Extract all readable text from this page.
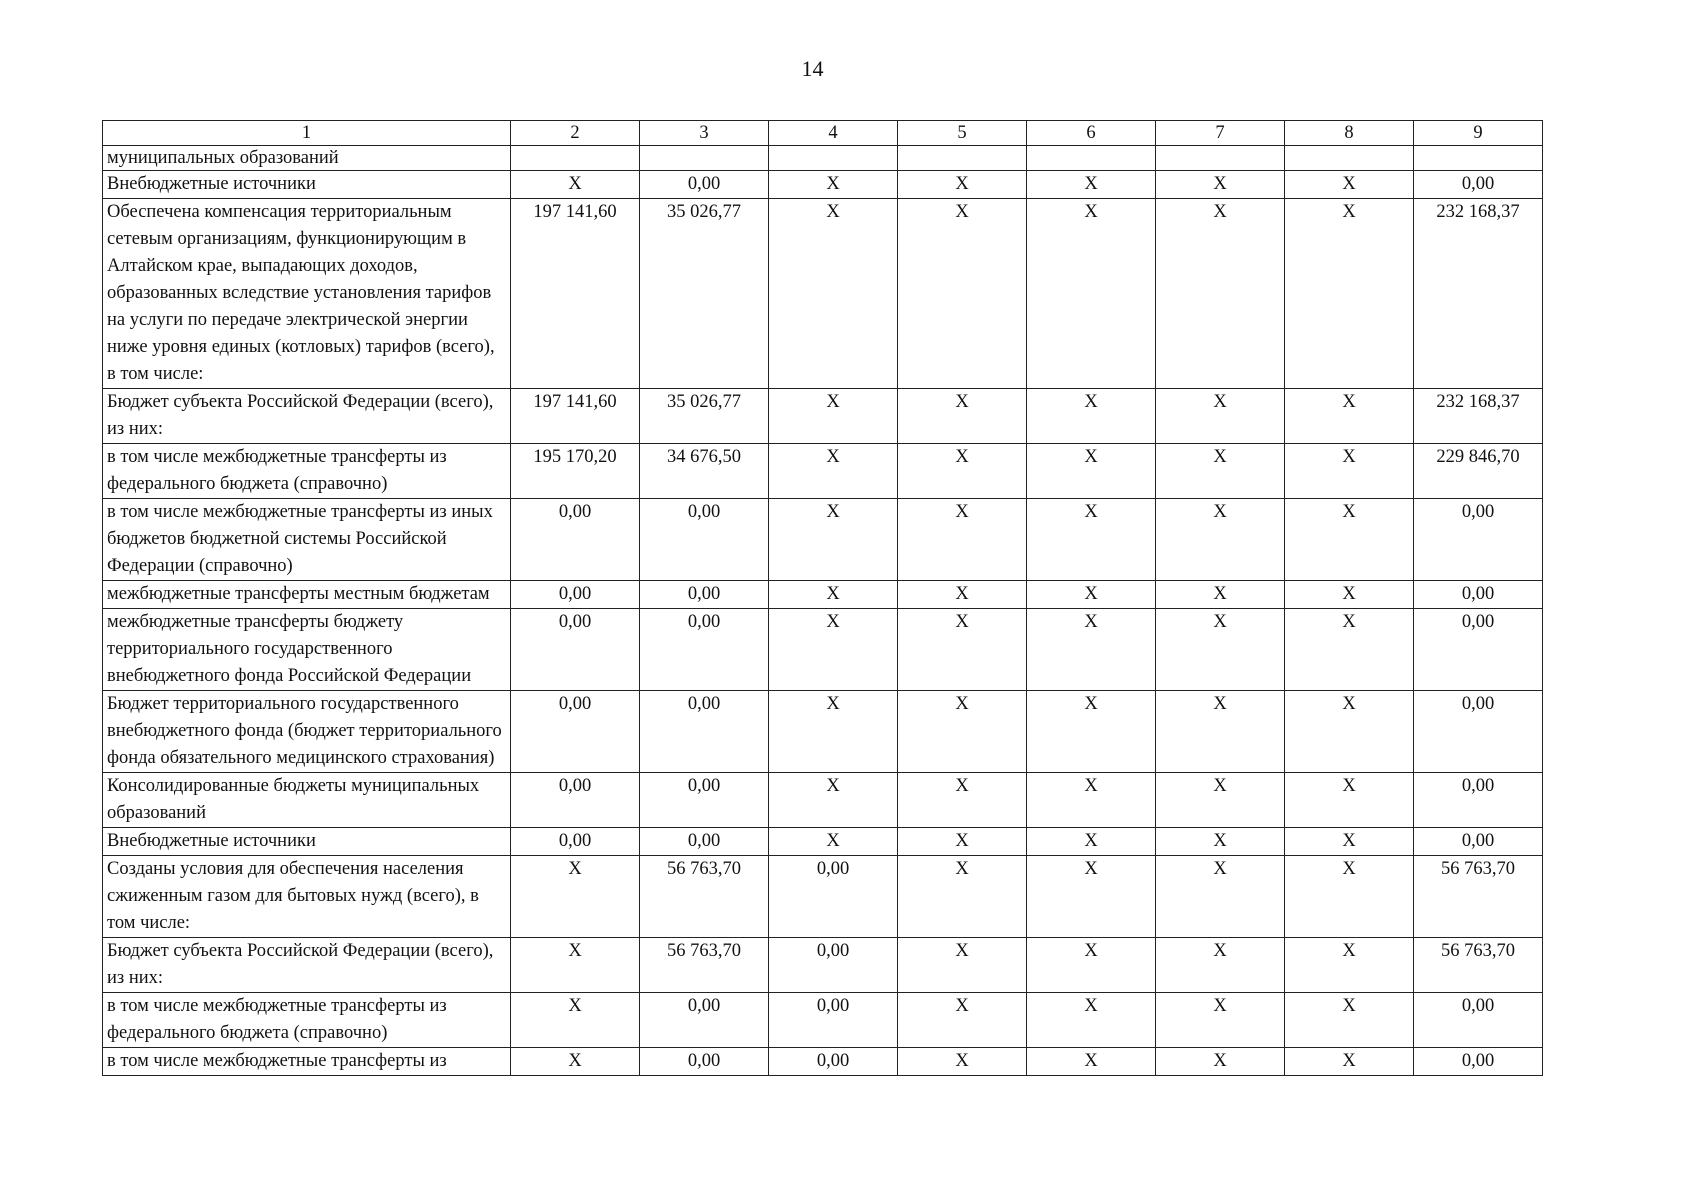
14
1	2	3	4	5	6	7	8	9
муниципальных образований								
Внебюджетные источники	X	0,00	X	X	X	X	X	0,00
Обеспечена компенсация территориальным сетевым организациям, функционирующим в Алтайском крае, выпадающих доходов, образованных вследствие установления тарифов на услуги по передаче электрической энергии ниже уровня единых (котловых) тарифов (всего), в том числе:	197 141,60	35 026,77	X	X	X	X	X	232 168,37
Бюджет субъекта Российской Федерации (всего), из них:	197 141,60	35 026,77	X	X	X	X	X	232 168,37
в том числе межбюджетные трансферты из федерального бюджета (справочно)	195 170,20	34 676,50	X	X	X	X	X	229 846,70
в том числе межбюджетные трансферты из иных бюджетов бюджетной системы Российской Федерации (справочно)	0,00	0,00	X	X	X	X	X	0,00
межбюджетные трансферты местным бюджетам	0,00	0,00	X	X	X	X	X	0,00
межбюджетные трансферты бюджету территориального государственного внебюджетного фонда Российской Федерации	0,00	0,00	X	X	X	X	X	0,00
Бюджет территориального государственного внебюджетного фонда (бюджет территориального фонда обязательного медицинского страхования)	0,00	0,00	X	X	X	X	X	0,00
Консолидированные бюджеты муниципальных образований	0,00	0,00	X	X	X	X	X	0,00
Внебюджетные источники	0,00	0,00	X	X	X	X	X	0,00
Созданы условия для обеспечения населения сжиженным газом для бытовых нужд (всего), в том числе:	X	56 763,70	0,00	X	X	X	X	56 763,70
Бюджет субъекта Российской Федерации (всего), из них:	X	56 763,70	0,00	X	X	X	X	56 763,70
в том числе межбюджетные трансферты из федерального бюджета (справочно)	X	0,00	0,00	X	X	X	X	0,00
в том числе межбюджетные трансферты из	X	0,00	0,00	X	X	X	X	0,00
